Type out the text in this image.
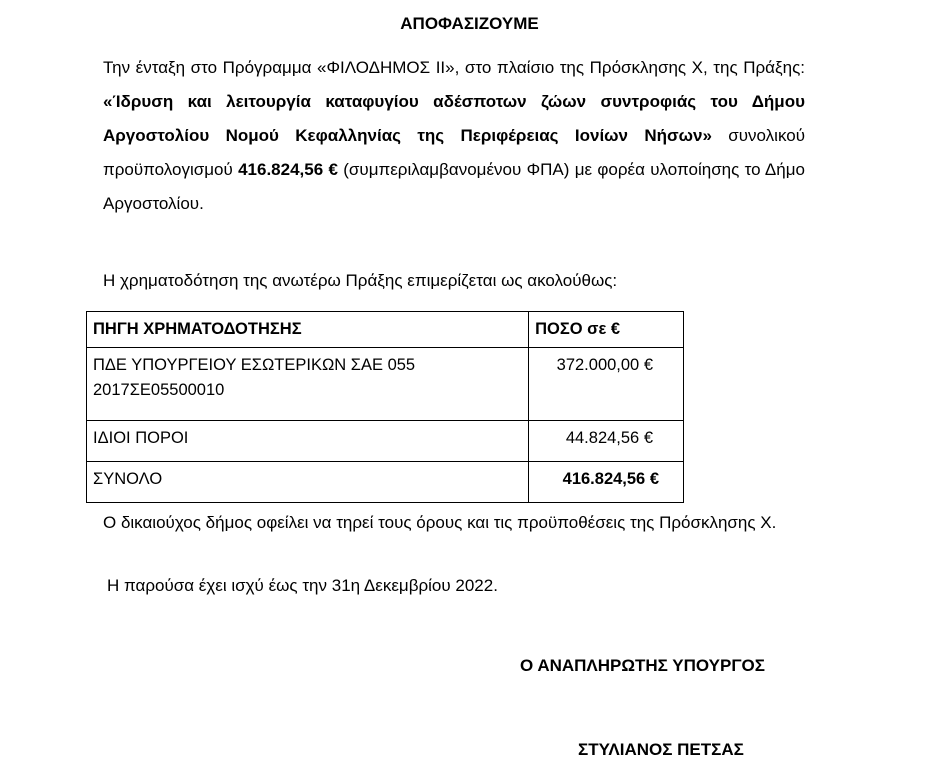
ΑΠΟΦΑΣΙΖΟΥΜΕ
Την ένταξη στο Πρόγραμμα «ΦΙΛΟΔΗΜΟΣ ΙΙ», στο πλαίσιο της Πρόσκλησης Χ, της Πράξης: «Ίδρυση και λειτουργία καταφυγίου αδέσποτων ζώων συντροφιάς του Δήμου Αργοστολίου Νομού Κεφαλληνίας της Περιφέρειας Ιονίων Νήσων» συνολικού προϋπολογισμού 416.824,56 € (συμπεριλαμβανομένου ΦΠΑ) με φορέα υλοποίησης το Δήμο Αργοστολίου.
Η χρηματοδότηση της ανωτέρω Πράξης επιμερίζεται ως ακολούθως:
ΠΗΓΗ ΧΡΗΜΑΤΟΔΟΤΗΣΗΣ	ΠΟΣΟ σε €
ΠΔΕ ΥΠΟΥΡΓΕΙΟΥ ΕΣΩΤΕΡΙΚΩΝ ΣΑΕ 055 2017ΣΕ05500010	372.000,00 €
ΙΔΙΟΙ ΠΟΡΟΙ	44.824,56 €
ΣΥΝΟΛΟ	416.824,56 €
Ο δικαιούχος δήμος οφείλει να τηρεί τους όρους και τις προϋποθέσεις της Πρόσκλησης Χ.
Η παρούσα έχει ισχύ έως την 31η Δεκεμβρίου 2022.
Ο ΑΝΑΠΛΗΡΩΤΗΣ ΥΠΟΥΡΓΟΣ
ΣΤΥΛΙΑΝΟΣ ΠΕΤΣΑΣ
